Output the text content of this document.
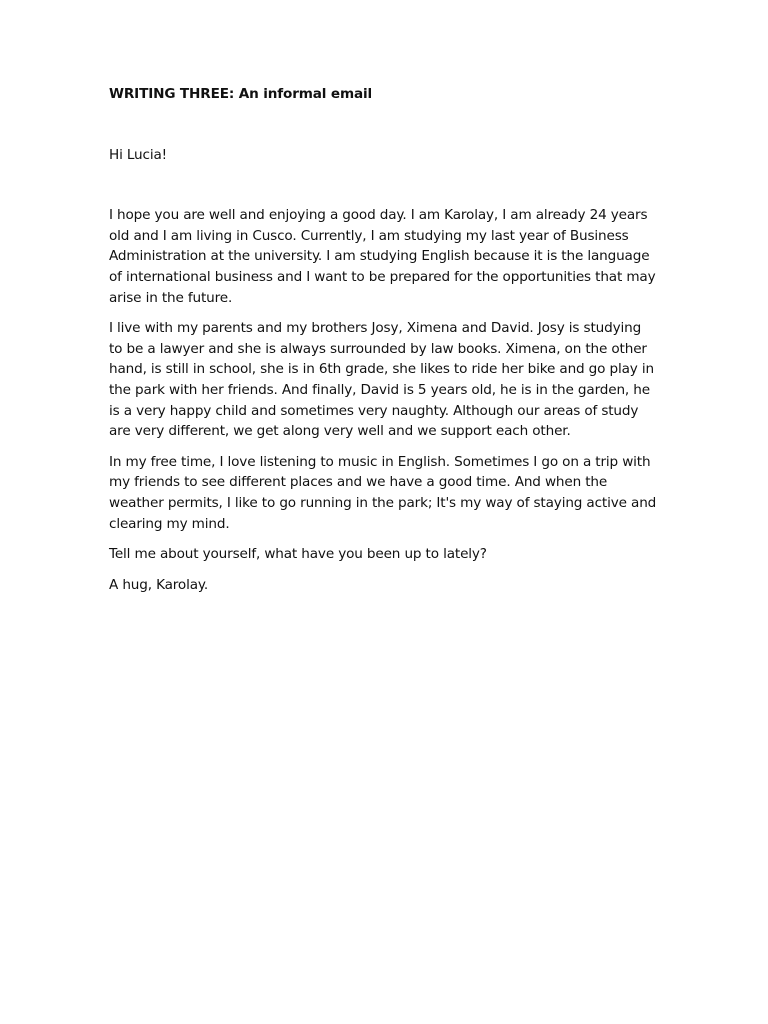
WRITING THREE: An informal email

Hi Lucia!

I hope you are well and enjoying a good day. I am Karolay, I am already 24 years old and I am living in Cusco. Currently, I am studying my last year of Business Administration at the university. I am studying English because it is the language of international business and I want to be prepared for the opportunities that may arise in the future.

I live with my parents and my brothers Josy, Ximena and David. Josy is studying to be a lawyer and she is always surrounded by law books. Ximena, on the other hand, is still in school, she is in 6th grade, she likes to ride her bike and go play in the park with her friends. And finally, David is 5 years old, he is in the garden, he is a very happy child and sometimes very naughty. Although our areas of study are very different, we get along very well and we support each other.

In my free time, I love listening to music in English. Sometimes I go on a trip with my friends to see different places and we have a good time. And when the weather permits, I like to go running in the park; It's my way of staying active and clearing my mind.

Tell me about yourself, what have you been up to lately?

A hug, Karolay.
